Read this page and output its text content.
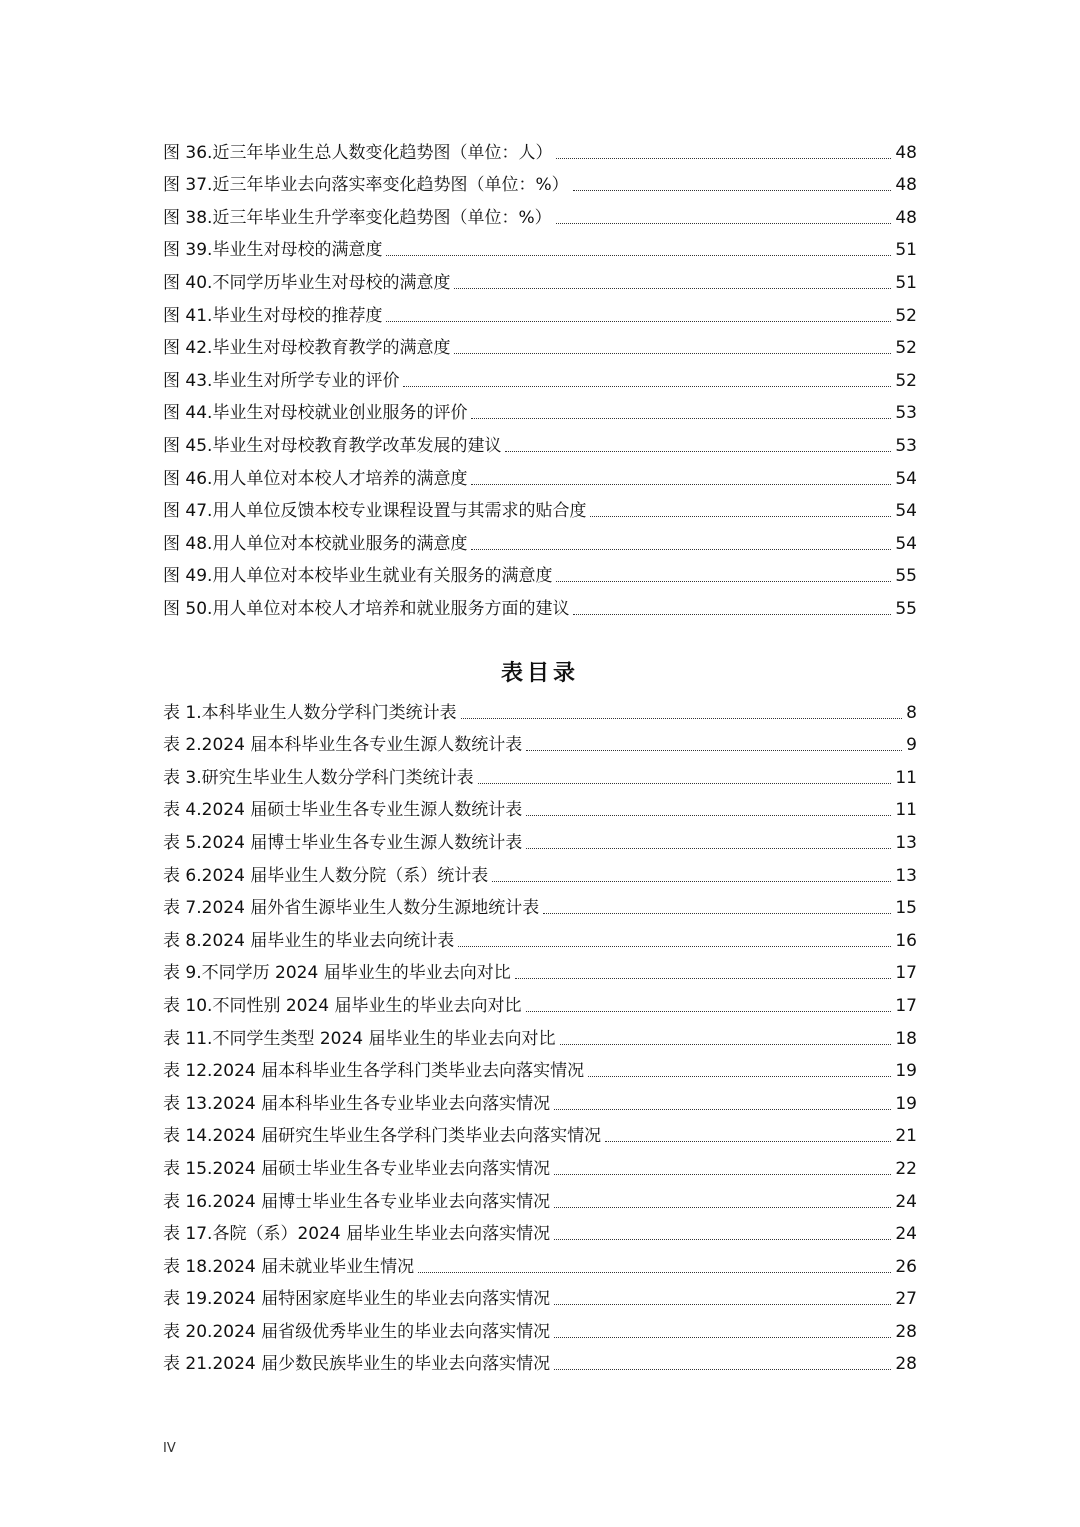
图 36.近三年毕业生总人数变化趋势图（单位：人）	48
图 37.近三年毕业去向落实率变化趋势图（单位：%）	48
图 38.近三年毕业生升学率变化趋势图（单位：%）	48
图 39.毕业生对母校的满意度	51
图 40.不同学历毕业生对母校的满意度	51
图 41.毕业生对母校的推荐度	52
图 42.毕业生对母校教育教学的满意度	52
图 43.毕业生对所学专业的评价	52
图 44.毕业生对母校就业创业服务的评价	53
图 45.毕业生对母校教育教学改革发展的建议	53
图 46.用人单位对本校人才培养的满意度	54
图 47.用人单位反馈本校专业课程设置与其需求的贴合度	54
图 48.用人单位对本校就业服务的满意度	54
图 49.用人单位对本校毕业生就业有关服务的满意度	55
图 50.用人单位对本校人才培养和就业服务方面的建议	55
表目录
表 1.本科毕业生人数分学科门类统计表	8
表 2.2024 届本科毕业生各专业生源人数统计表	9
表 3.研究生毕业生人数分学科门类统计表	11
表 4.2024 届硕士毕业生各专业生源人数统计表	11
表 5.2024 届博士毕业生各专业生源人数统计表	13
表 6.2024 届毕业生人数分院（系）统计表	13
表 7.2024 届外省生源毕业生人数分生源地统计表	15
表 8.2024 届毕业生的毕业去向统计表	16
表 9.不同学历 2024 届毕业生的毕业去向对比	17
表 10.不同性别 2024 届毕业生的毕业去向对比	17
表 11.不同学生类型 2024 届毕业生的毕业去向对比	18
表 12.2024 届本科毕业生各学科门类毕业去向落实情况	19
表 13.2024 届本科毕业生各专业毕业去向落实情况	19
表 14.2024 届研究生毕业生各学科门类毕业去向落实情况	21
表 15.2024 届硕士毕业生各专业毕业去向落实情况	22
表 16.2024 届博士毕业生各专业毕业去向落实情况	24
表 17.各院（系）2024 届毕业生毕业去向落实情况	24
表 18.2024 届未就业毕业生情况	26
表 19.2024 届特困家庭毕业生的毕业去向落实情况	27
表 20.2024 届省级优秀毕业生的毕业去向落实情况	28
表 21.2024 届少数民族毕业生的毕业去向落实情况	28
IV
